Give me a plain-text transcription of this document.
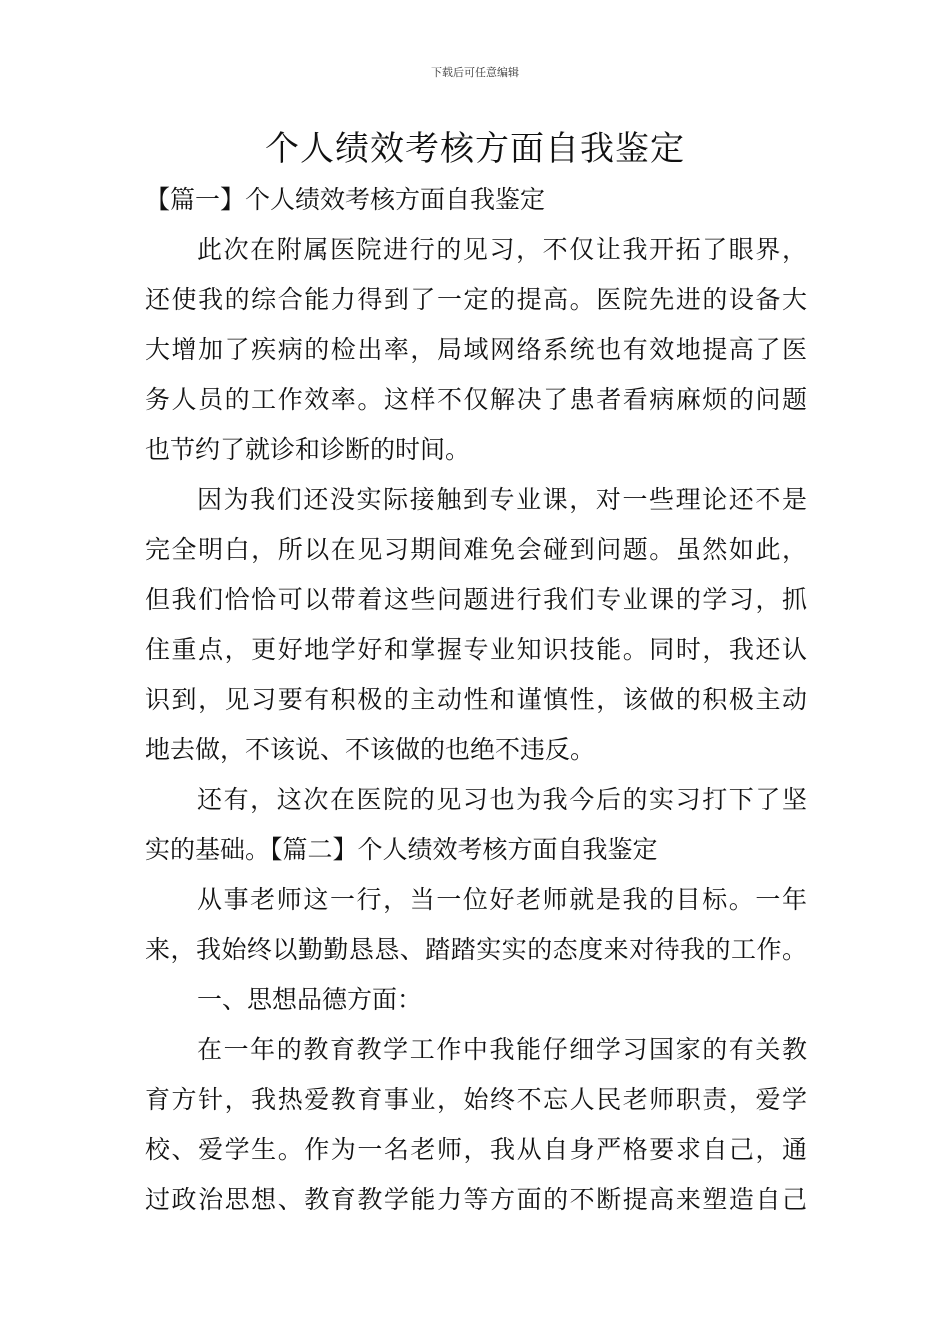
下载后可任意编辑
个人绩效考核方面自我鉴定
【篇一】个人绩效考核方面自我鉴定
此次在附属医院进行的见习，不仅让我开拓了眼界，
还使我的综合能力得到了一定的提高。医院先进的设备大
大增加了疾病的检出率，局域网络系统也有效地提高了医
务人员的工作效率。这样不仅解决了患者看病麻烦的问题
也节约了就诊和诊断的时间。
因为我们还没实际接触到专业课，对一些理论还不是
完全明白，所以在见习期间难免会碰到问题。虽然如此，
但我们恰恰可以带着这些问题进行我们专业课的学习，抓
住重点，更好地学好和掌握专业知识技能。同时，我还认
识到，见习要有积极的主动性和谨慎性，该做的积极主动
地去做，不该说、不该做的也绝不违反。
还有，这次在医院的见习也为我今后的实习打下了坚
实的基础。【篇二】个人绩效考核方面自我鉴定
从事老师这一行，当一位好老师就是我的目标。一年
来，我始终以勤勤恳恳、踏踏实实的态度来对待我的工作。
一、思想品德方面：
在一年的教育教学工作中我能仔细学习国家的有关教
育方针，我热爱教育事业，始终不忘人民老师职责，爱学
校、爱学生。作为一名老师，我从自身严格要求自己，通
过政治思想、教育教学能力等方面的不断提高来塑造自己
